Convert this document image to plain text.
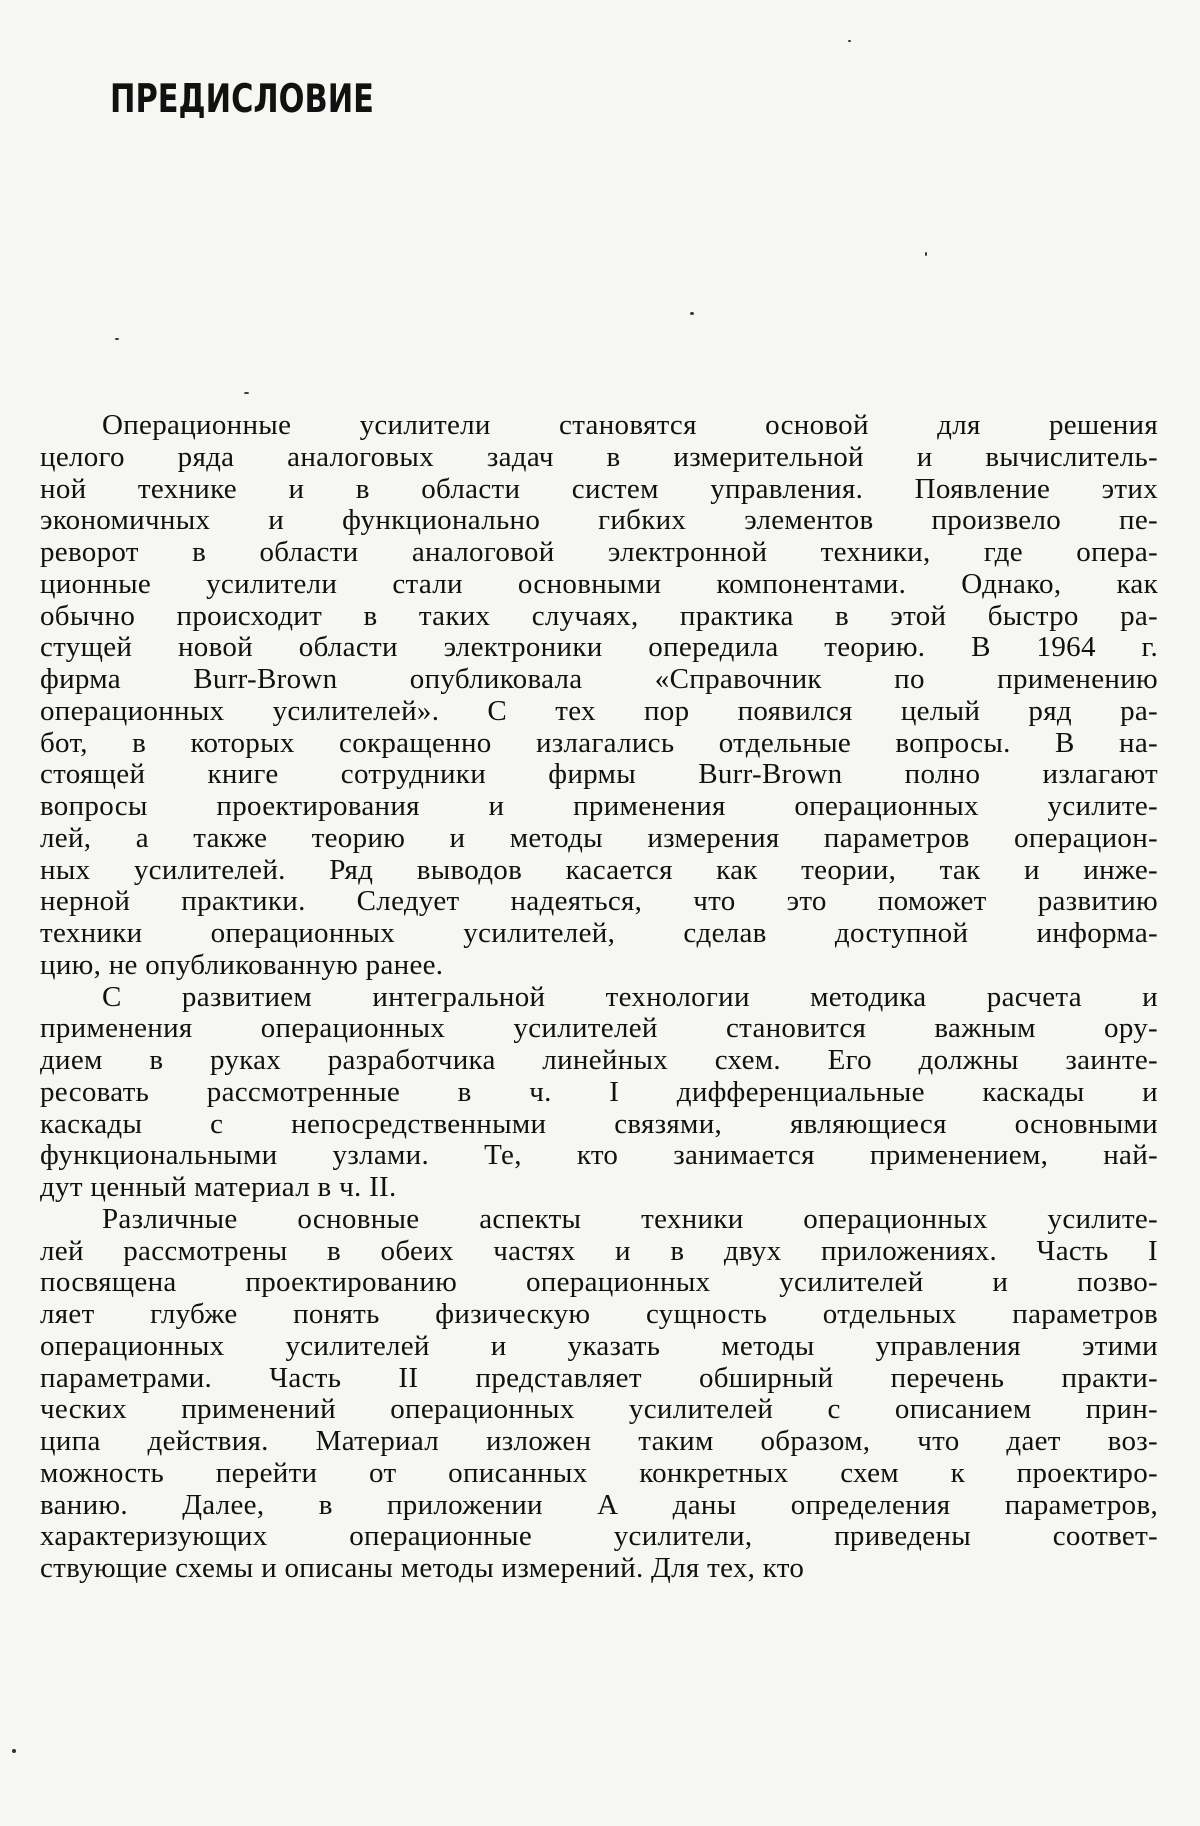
ПРЕДИСЛОВИЕ
Операционные усилители становятся основой для решения
целого ряда аналоговых задач в измерительной и вычислитель-
ной технике и в области систем управления. Появление этих
экономичных и функционально гибких элементов произвело пе-
реворот в области аналоговой электронной техники, где опера-
ционные усилители стали основными компонентами. Однако, как
обычно происходит в таких случаях, практика в этой быстро ра-
стущей новой области электроники опередила теорию. В 1964 г.
фирма Burr-Brown опубликовала «Справочник по применению
операционных усилителей». С тех пор появился целый ряд ра-
бот, в которых сокращенно излагались отдельные вопросы. В на-
стоящей книге сотрудники фирмы Burr-Brown полно излагают
вопросы проектирования и применения операционных усилите-
лей, а также теорию и методы измерения параметров операцион-
ных усилителей. Ряд выводов касается как теории, так и инже-
нерной практики. Следует надеяться, что это поможет развитию
техники операционных усилителей, сделав доступной информа-
цию, не опубликованную ранее.
С развитием интегральной технологии методика расчета и
применения операционных усилителей становится важным ору-
дием в руках разработчика линейных схем. Его должны заинте-
ресовать рассмотренные в ч. I дифференциальные каскады и
каскады с непосредственными связями, являющиеся основными
функциональными узлами. Те, кто занимается применением, най-
дут ценный материал в ч. II.
Различные основные аспекты техники операционных усилите-
лей рассмотрены в обеих частях и в двух приложениях. Часть I
посвящена проектированию операционных усилителей и позво-
ляет глубже понять физическую сущность отдельных параметров
операционных усилителей и указать методы управления этими
параметрами. Часть II представляет обширный перечень практи-
ческих применений операционных усилителей с описанием прин-
ципа действия. Материал изложен таким образом, что дает воз-
можность перейти от описанных конкретных схем к проектиро-
ванию. Далее, в приложении А даны определения параметров,
характеризующих операционные усилители, приведены соответ-
ствующие схемы и описаны методы измерений. Для тех, кто
